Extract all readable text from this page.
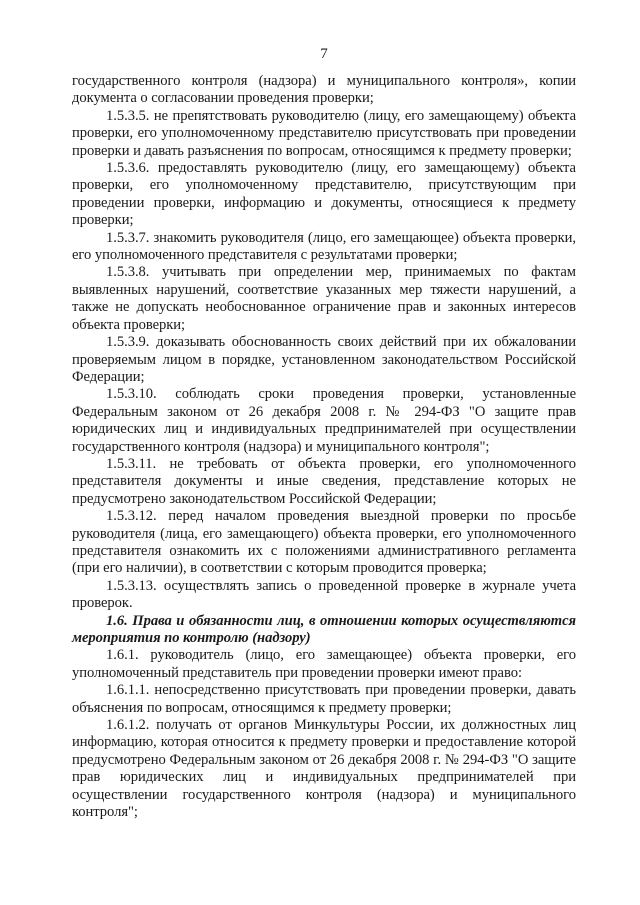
7

государственного контроля (надзора) и муниципального контроля», копии документа о согласовании проведения проверки;

1.5.3.5. не препятствовать руководителю (лицу, его замещающему) объекта проверки, его уполномоченному представителю присутствовать при проведении проверки и давать разъяснения по вопросам, относящимся к предмету проверки;

1.5.3.6. предоставлять руководителю (лицу, его замещающему) объекта проверки, его уполномоченному представителю, присутствующим при проведении проверки, информацию и документы, относящиеся к предмету проверки;

1.5.3.7. знакомить руководителя (лицо, его замещающее) объекта проверки, его уполномоченного представителя с результатами проверки;

1.5.3.8. учитывать при определении мер, принимаемых по фактам выявленных нарушений, соответствие указанных мер тяжести нарушений, а также не допускать необоснованное ограничение прав и законных интересов объекта проверки;

1.5.3.9. доказывать обоснованность своих действий при их обжаловании проверяемым лицом в порядке, установленном законодательством Российской Федерации;

1.5.3.10. соблюдать сроки проведения проверки, установленные Федеральным законом от 26 декабря 2008 г. № 294-ФЗ "О защите прав юридических лиц и индивидуальных предпринимателей при осуществлении государственного контроля (надзора) и муниципального контроля";

1.5.3.11. не требовать от объекта проверки, его уполномоченного представителя документы и иные сведения, представление которых не предусмотрено законодательством Российской Федерации;

1.5.3.12. перед началом проведения выездной проверки по просьбе руководителя (лица, его замещающего) объекта проверки, его уполномоченного представителя ознакомить их с положениями административного регламента (при его наличии), в соответствии с которым проводится проверка;

1.5.3.13. осуществлять запись о проведенной проверке в журнале учета проверок.

1.6. Права и обязанности лиц, в отношении которых осуществляются мероприятия по контролю (надзору)

1.6.1. руководитель (лицо, его замещающее) объекта проверки, его уполномоченный представитель при проведении проверки имеют право:

1.6.1.1. непосредственно присутствовать при проведении проверки, давать объяснения по вопросам, относящимся к предмету проверки;

1.6.1.2. получать от органов Минкультуры России, их должностных лиц информацию, которая относится к предмету проверки и предоставление которой предусмотрено Федеральным законом от 26 декабря 2008 г. № 294-ФЗ "О защите прав юридических лиц и индивидуальных предпринимателей при осуществлении государственного контроля (надзора) и муниципального контроля";
